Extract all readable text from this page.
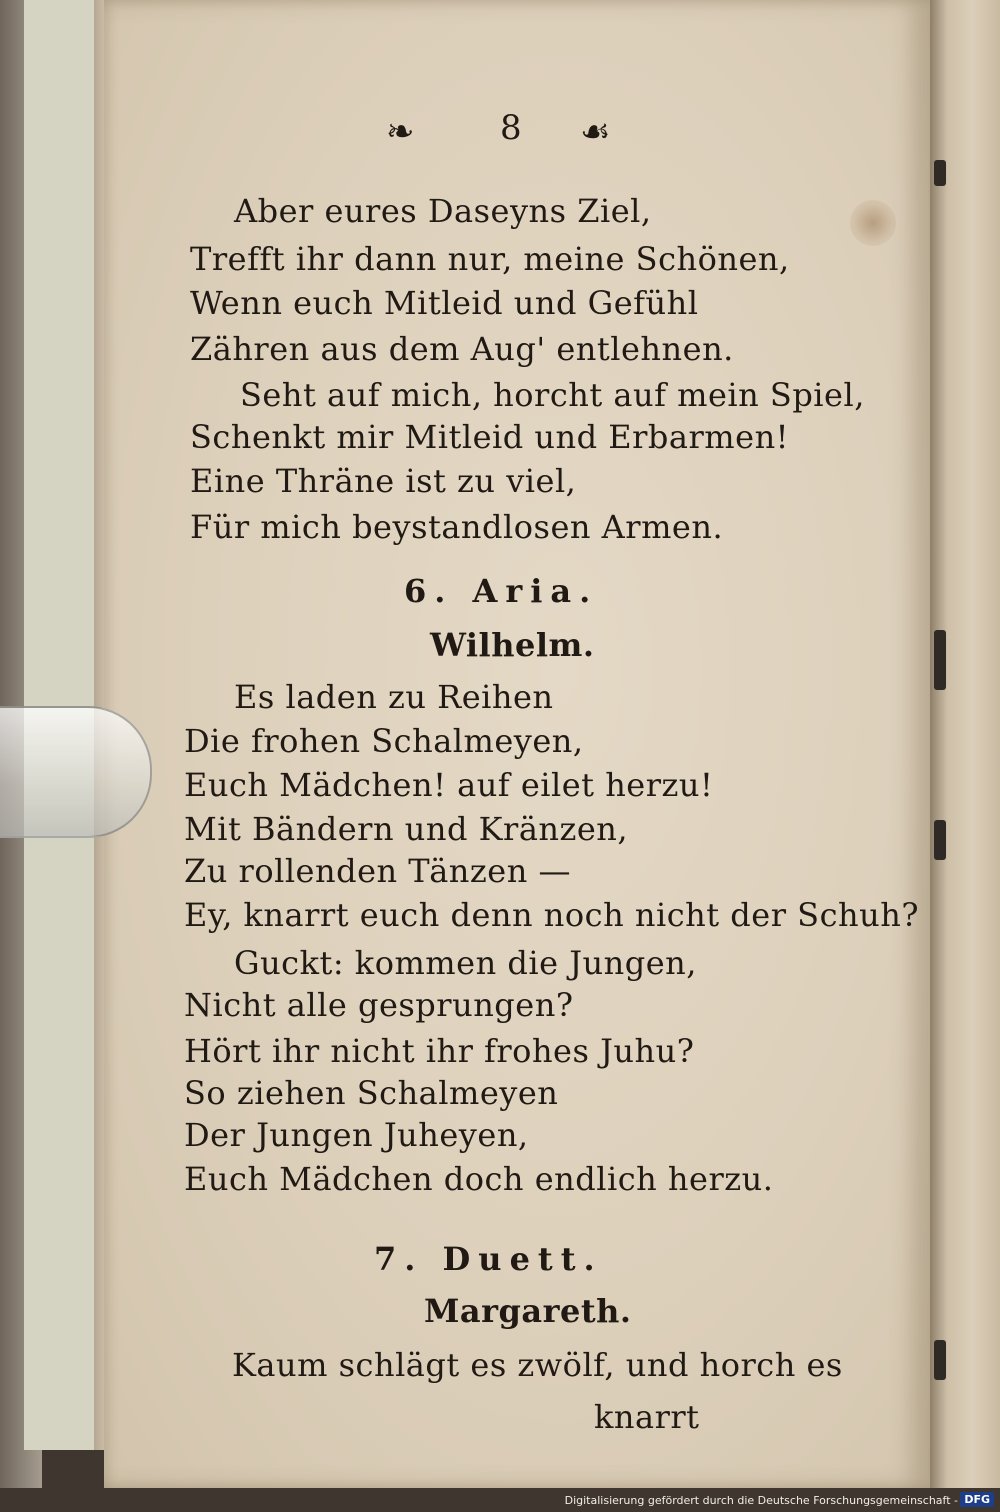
❧	8 ☙
Aber eures Daseyns Ziel,
Trefft ihr dann nur, meine Schönen,
Wenn euch Mitleid und Gefühl
Zähren aus dem Aug' entlehnen.
Seht auf mich, horcht auf mein Spiel,
Schenkt mir Mitleid und Erbarmen!
Eine Thräne ist zu viel,
Für mich beystandlosen Armen.
6. Aria.
Wilhelm.
Es laden zu Reihen
Die frohen Schalmeyen,
Euch Mädchen! auf eilet herzu!
Mit Bändern und Kränzen,
Zu rollenden Tänzen —
Ey, knarrt euch denn noch nicht der Schuh?
Guckt: kommen die Jungen,
Nicht alle gesprungen?
Hört ihr nicht ihr frohes Juhu?
So ziehen Schalmeyen
Der Jungen Juheyen,
Euch Mädchen doch endlich herzu.
7. Duett.
Margareth.
Kaum schlägt es zwölf, und horch es
knarrt
Digitalisierung gefördert durch die Deutsche Forschungsgemeinschaft - DFG
